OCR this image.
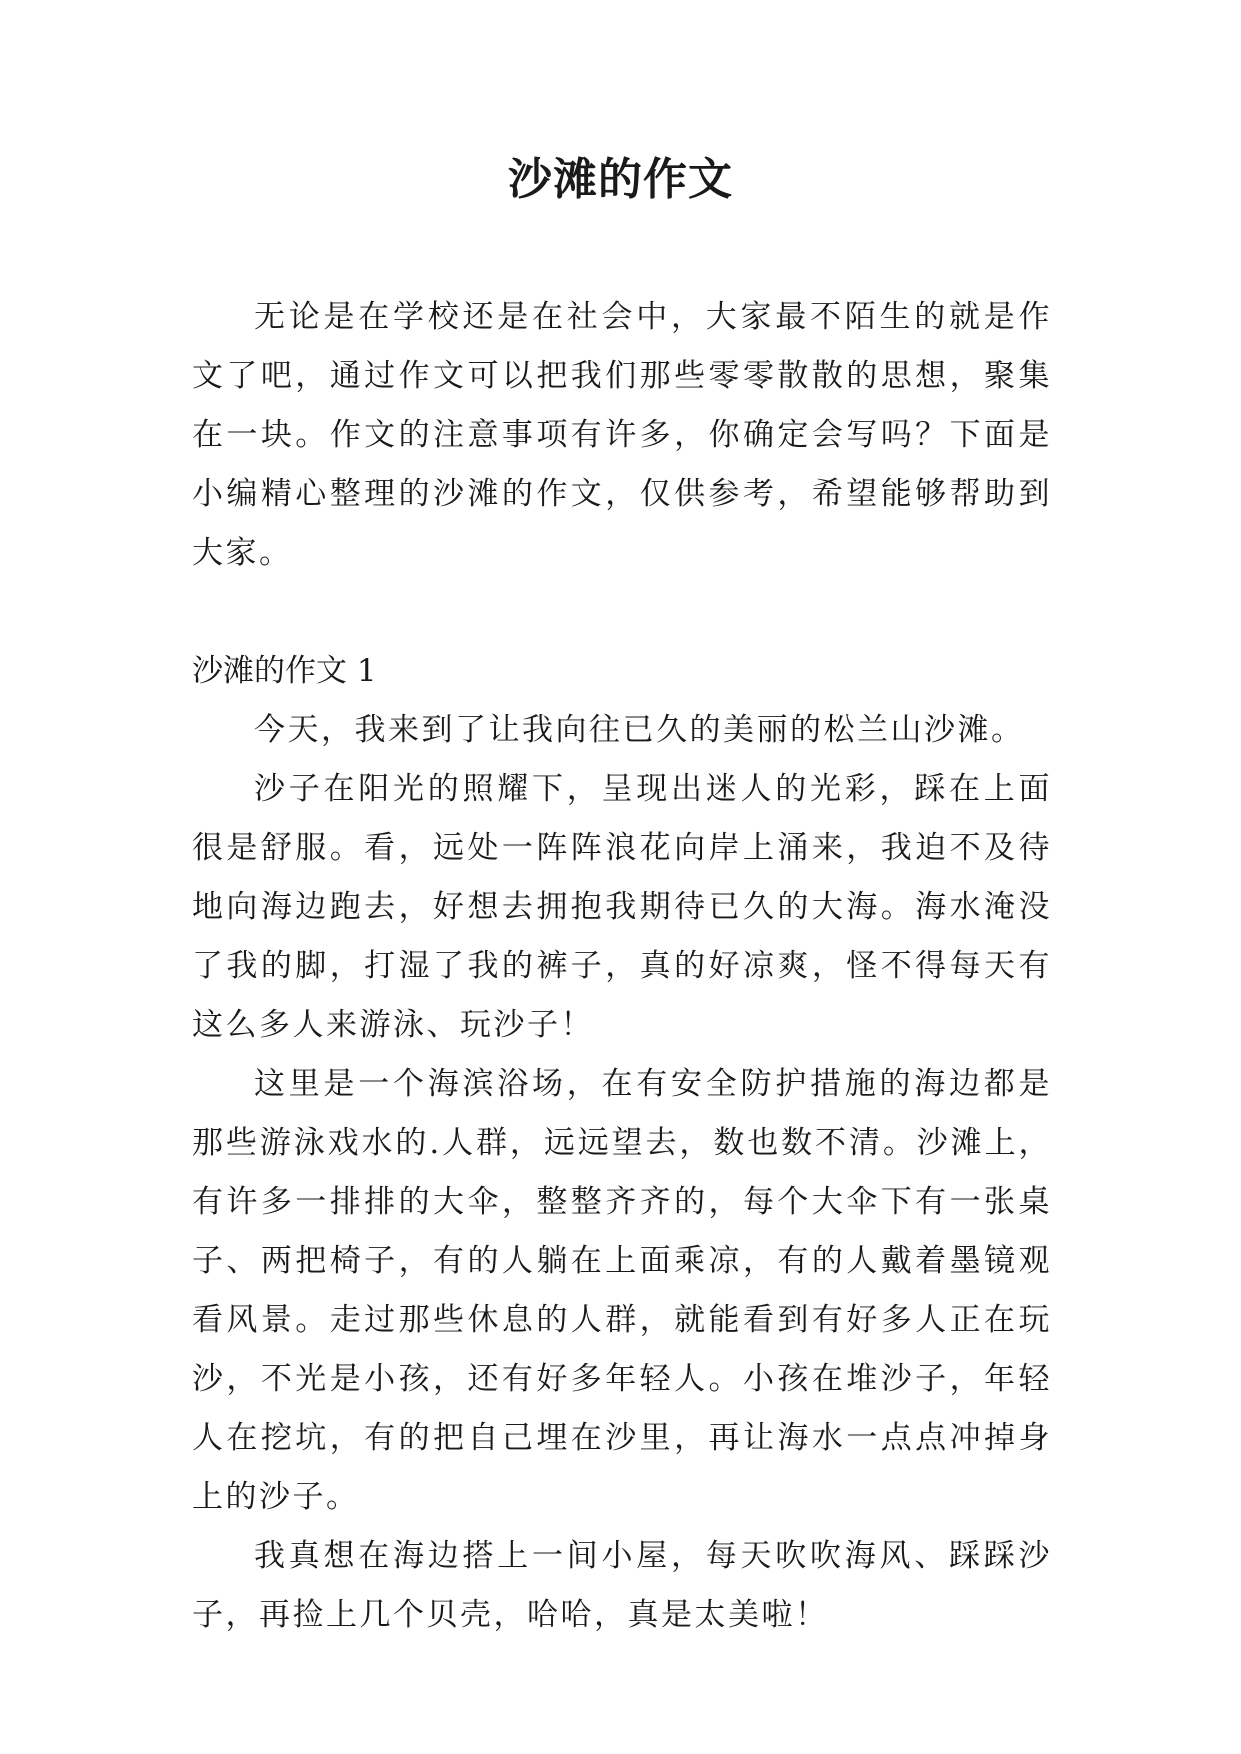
沙滩的作文

无论是在学校还是在社会中，大家最不陌生的就是作文了吧，通过作文可以把我们那些零零散散的思想，聚集在一块。作文的注意事项有许多，你确定会写吗？下面是小编精心整理的沙滩的作文，仅供参考，希望能够帮助到大家。

沙滩的作文 1

今天，我来到了让我向往已久的美丽的松兰山沙滩。

沙子在阳光的照耀下，呈现出迷人的光彩，踩在上面很是舒服。看，远处一阵阵浪花向岸上涌来，我迫不及待地向海边跑去，好想去拥抱我期待已久的大海。海水淹没了我的脚，打湿了我的裤子，真的好凉爽，怪不得每天有这么多人来游泳、玩沙子！

这里是一个海滨浴场，在有安全防护措施的海边都是那些游泳戏水的.人群，远远望去，数也数不清。沙滩上，有许多一排排的大伞，整整齐齐的，每个大伞下有一张桌子、两把椅子，有的人躺在上面乘凉，有的人戴着墨镜观看风景。走过那些休息的人群，就能看到有好多人正在玩沙，不光是小孩，还有好多年轻人。小孩在堆沙子，年轻人在挖坑，有的把自己埋在沙里，再让海水一点点冲掉身上的沙子。

我真想在海边搭上一间小屋，每天吹吹海风、踩踩沙子，再捡上几个贝壳，哈哈，真是太美啦！
